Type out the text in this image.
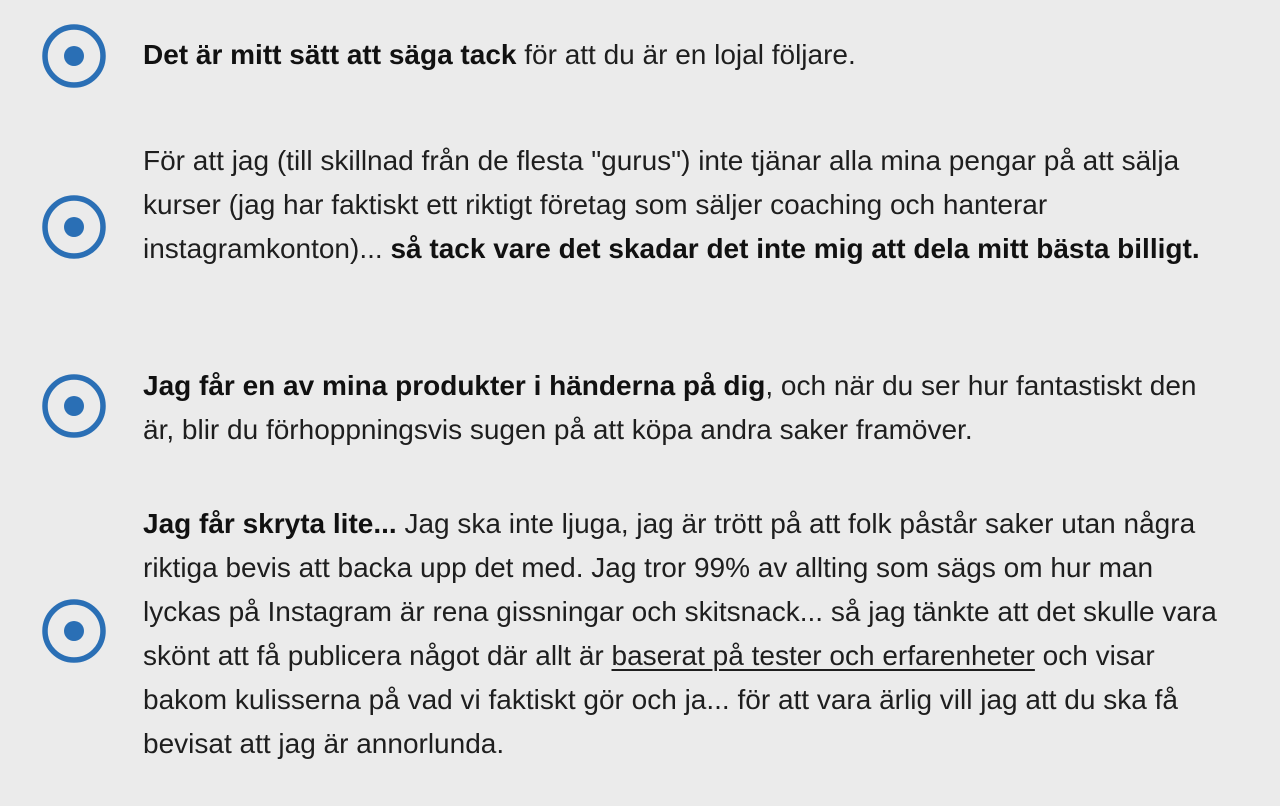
Det är mitt sätt att säga tack för att du är en lojal följare.

För att jag (till skillnad från de flesta "gurus") inte tjänar alla mina pengar på att sälja kurser (jag har faktiskt ett riktigt företag som säljer coaching och hanterar instagramkonton)... så tack vare det skadar det inte mig att dela mitt bästa billigt.

Jag får en av mina produkter i händerna på dig, och när du ser hur fantastiskt den är, blir du förhoppningsvis sugen på att köpa andra saker framöver.

Jag får skryta lite... Jag ska inte ljuga, jag är trött på att folk påstår saker utan några riktiga bevis att backa upp det med. Jag tror 99% av allting som sägs om hur man lyckas på Instagram är rena gissningar och skitsnack... så jag tänkte att det skulle vara skönt att få publicera något där allt är baserat på tester och erfarenheter och visar bakom kulisserna på vad vi faktiskt gör och ja... för att vara ärlig vill jag att du ska få bevisat att jag är annorlunda.
